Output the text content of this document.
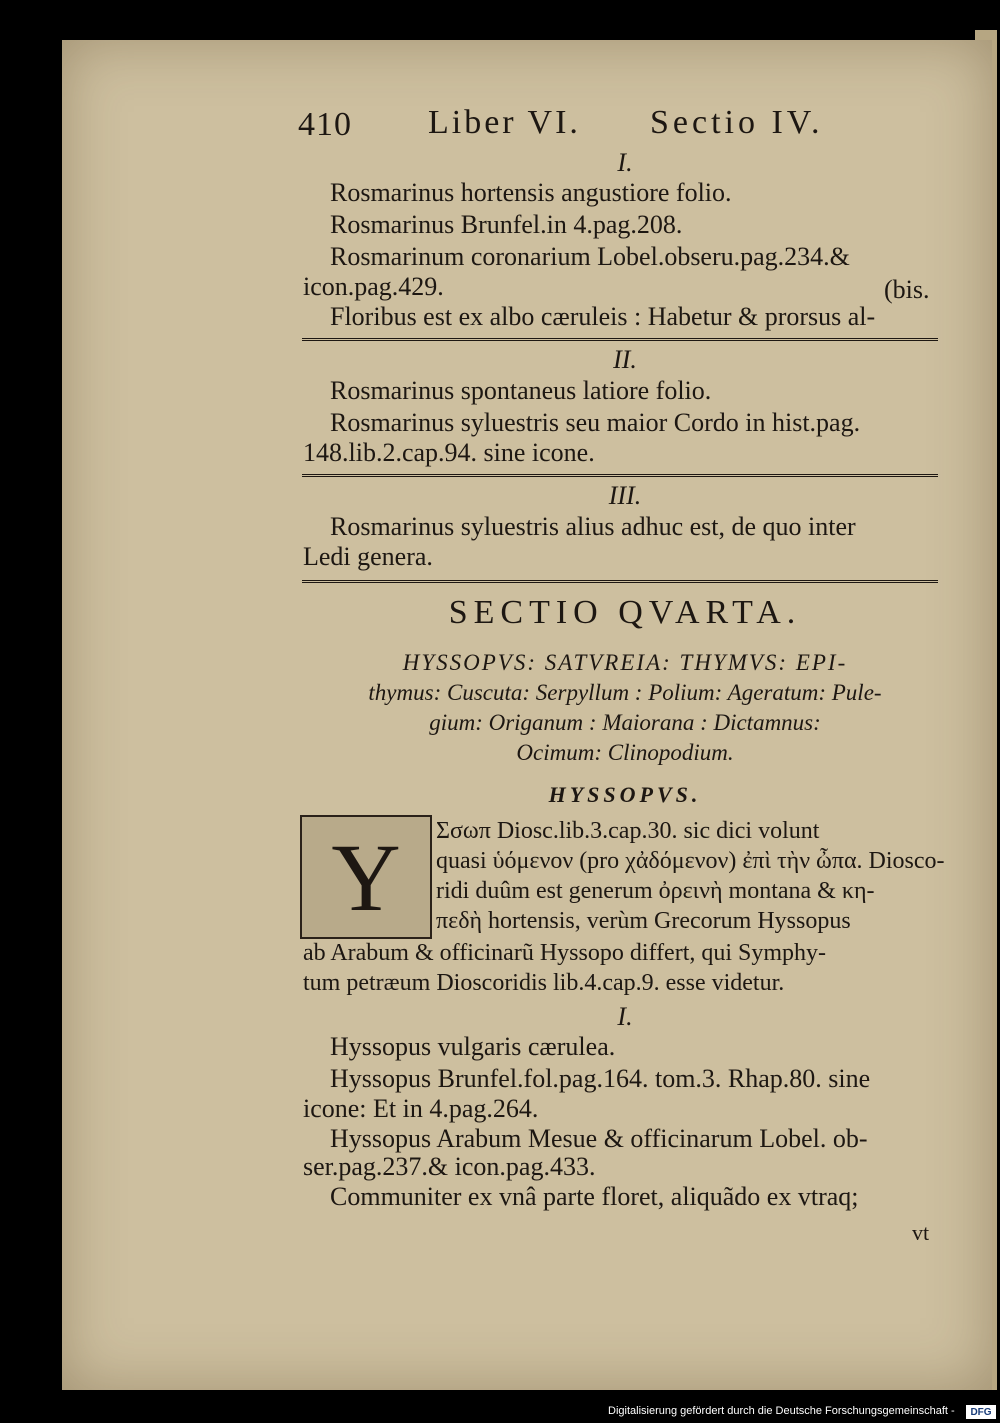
410 Liber VI. Sectio IV.
I.
Rosmarinus hortensis angustiore folio.
Rosmarinus Brunfel.in 4.pag.208.
Rosmarinum coronarium Lobel.obseru.pag.234.&
icon.pag.429.	(bis.
Floribus est ex albo cæruleis : Habetur & prorsus al-
II.
Rosmarinus spontaneus latiore folio.
Rosmarinus syluestris seu maior Cordo in hist.pag.
148.lib.2.cap.94. sine icone.
III.
Rosmarinus syluestris alius adhuc est, de quo inter
Ledi genera.
SECTIO QVARTA.
HYSSOPVS: SATVREIA: THYMVS: EPI-
thymus: Cuscuta: Serpyllum : Polium: Ageratum: Pule-
gium: Origanum : Maiorana : Dictamnus:
Ocimum: Clinopodium.
HYSSOPVS.
Y	Σσωπ Diosc.lib.3.cap.30. sic dici volunt
quasi ὑόμενον (pro χἀδόμενον) ἐπὶ τὴν ὦπα. Diosco-
ridi duûm est generum ὀρεινὴ montana & κη-
πεδὴ hortensis, verùm Grecorum Hyssopus
ab Arabum & officinarũ Hyssopo differt, qui Symphy-
tum petræum Dioscoridis lib.4.cap.9. esse videtur.
I.
Hyssopus vulgaris cærulea.
Hyssopus Brunfel.fol.pag.164. tom.3. Rhap.80. sine
icone: Et in 4.pag.264.
Hyssopus Arabum Mesue & officinarum Lobel. ob-
ser.pag.237.& icon.pag.433.
Communiter ex vnâ parte floret, aliquãdo ex vtraq;
vt
Digitalisierung gefördert durch die Deutsche Forschungsgemeinschaft -	DFG
